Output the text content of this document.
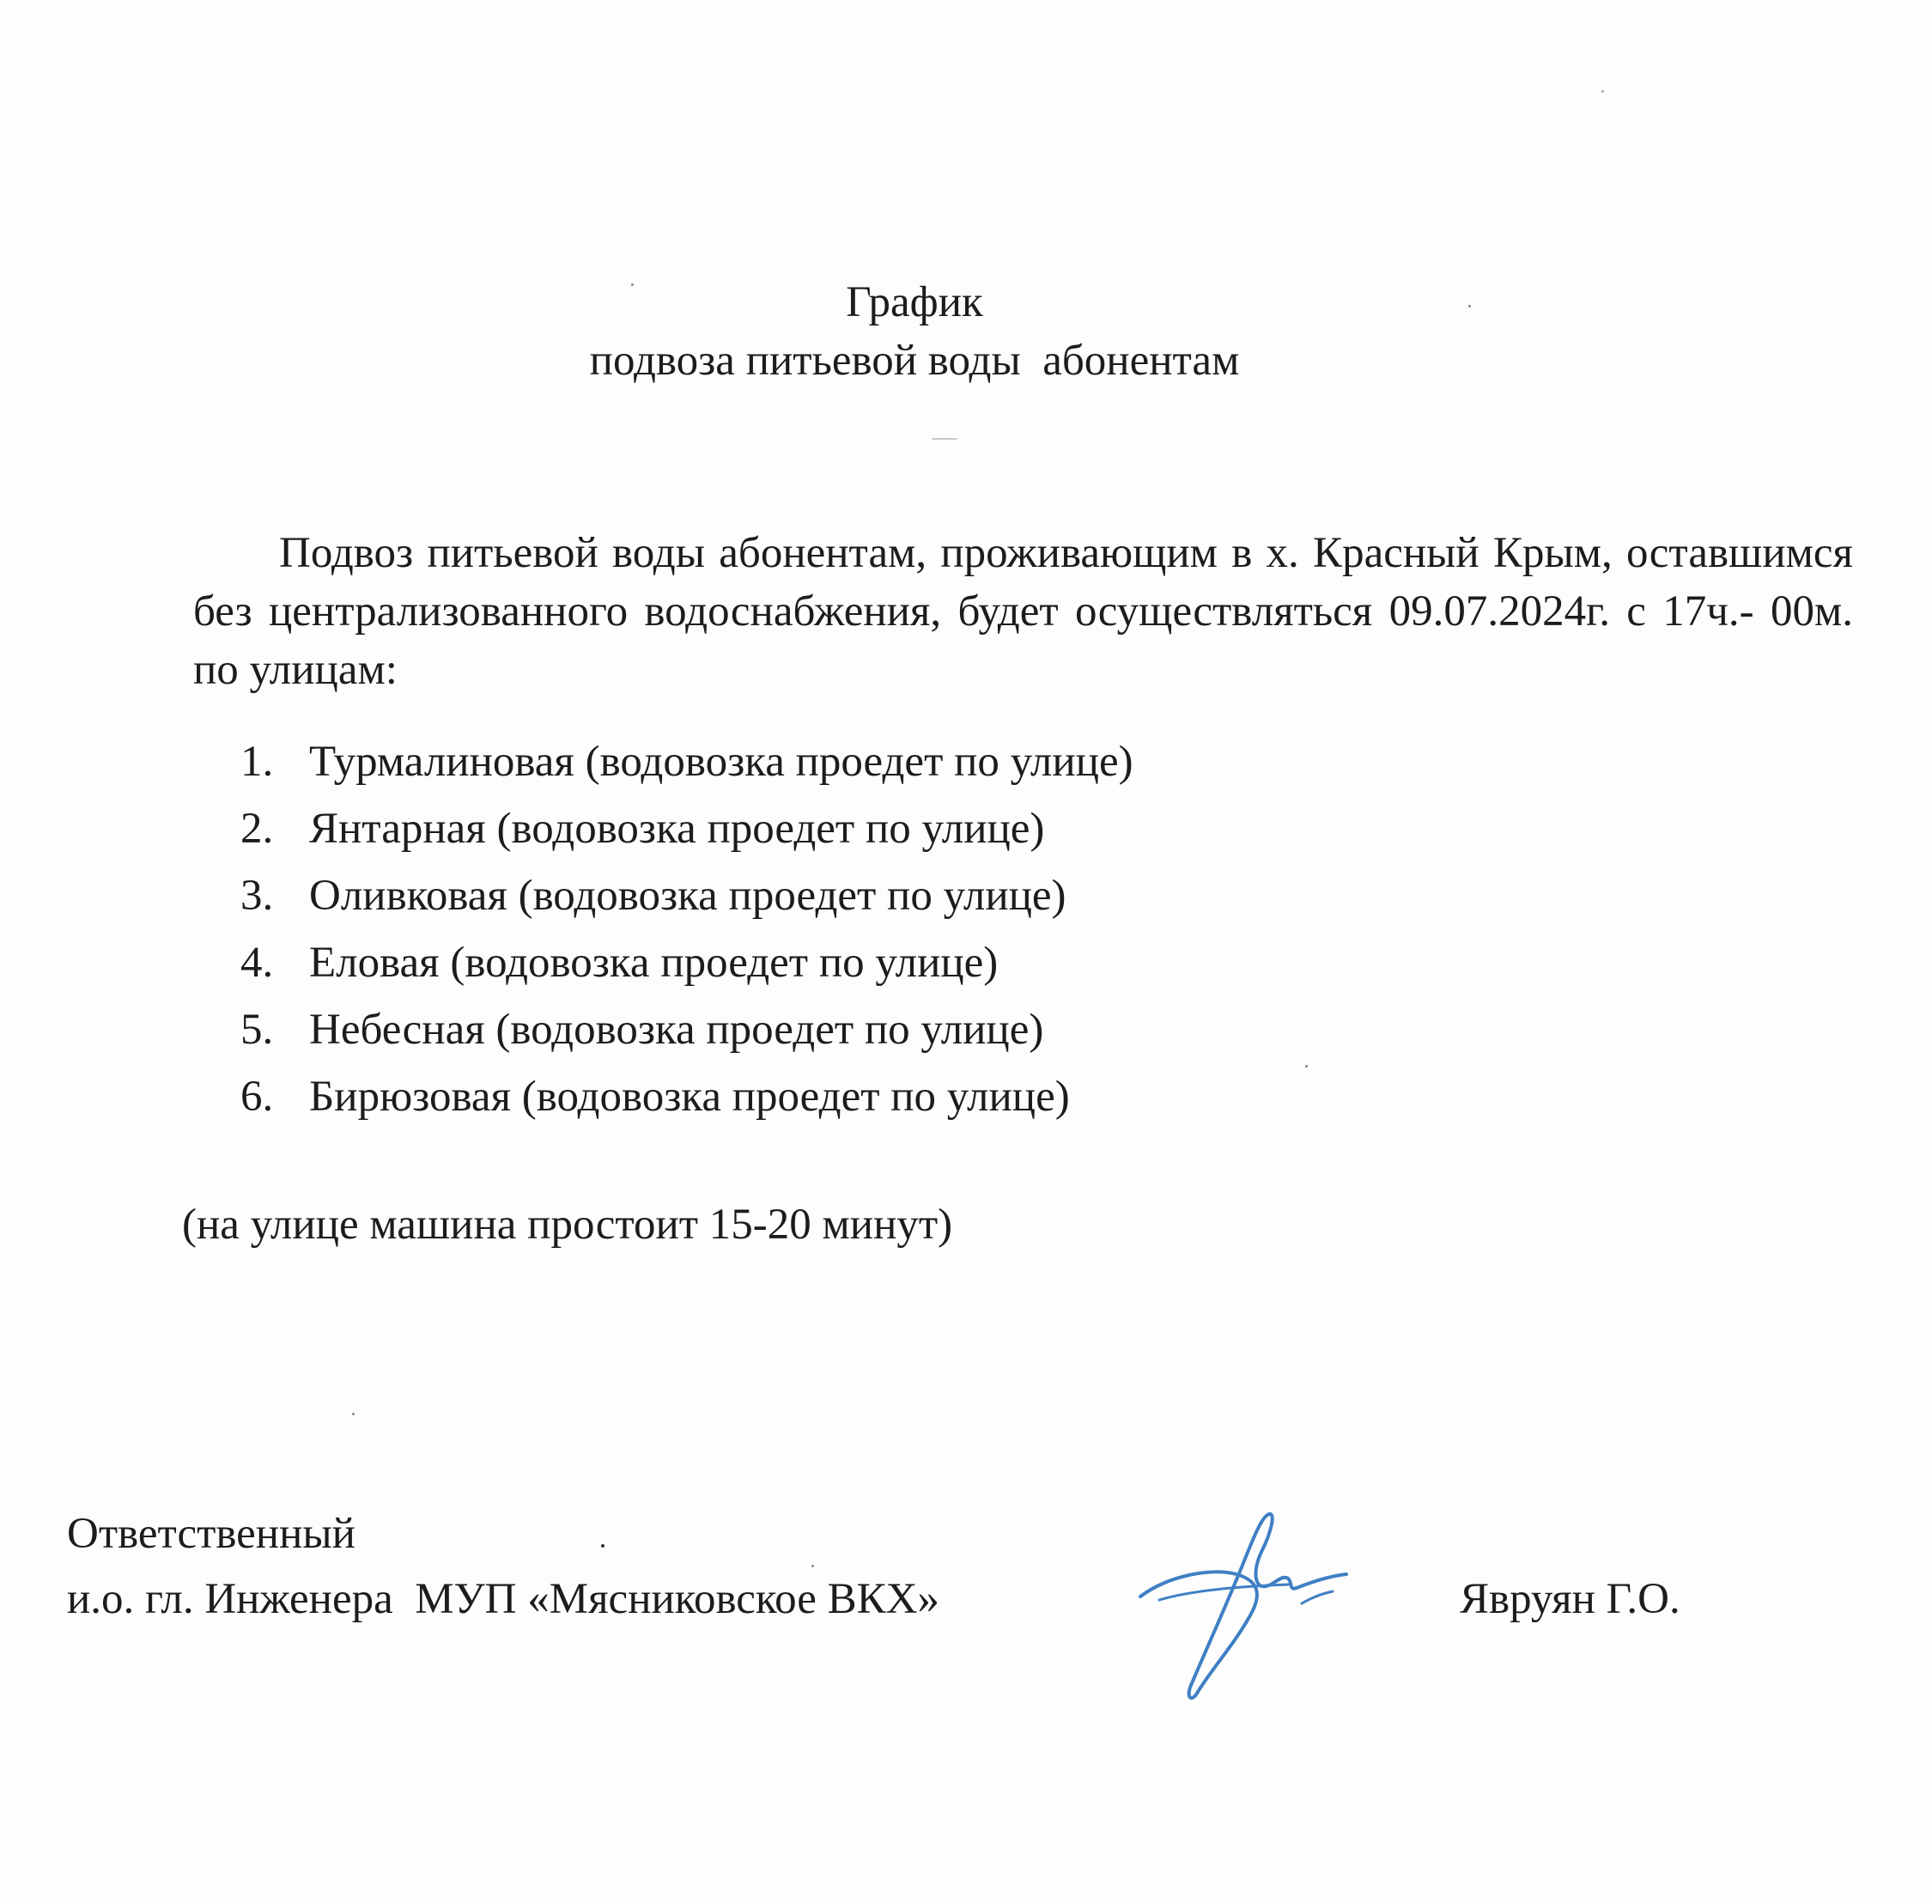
График
подвоза питьевой воды  абонентам

Подвоз питьевой воды абонентам, проживающим в х. Красный Крым, оставшимся без централизованного водоснабжения, будет осуществляться 09.07.2024г. с 17ч.- 00м. по улицам:

1. Турмалиновая (водовозка проедет по улице)
2. Янтарная (водовозка проедет по улице)
3. Оливковая (водовозка проедет по улице)
4. Еловая (водовозка проедет по улице)
5. Небесная (водовозка проедет по улице)
6. Бирюзовая (водовозка проедет по улице)

(на улице машина простоит 15-20 минут)

Ответственный

и.о. гл. Инженера  МУП «Мясниковское ВКХ»	Явруян Г.О.
